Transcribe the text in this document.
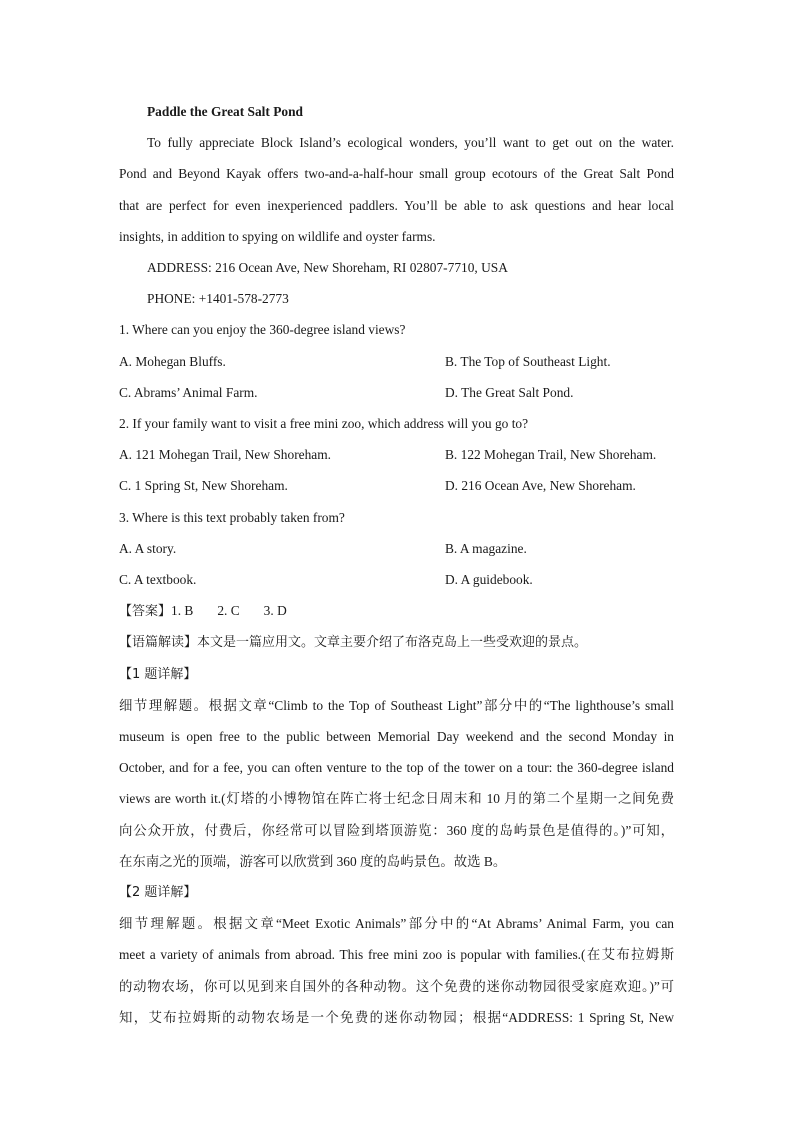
Paddle the Great Salt Pond
To fully appreciate Block Island’s ecological wonders, you’ll want to get out on the water.
Pond and Beyond Kayak offers two-and-a-half-hour small group ecotours of the Great Salt Pond
that are perfect for even inexperienced paddlers. You’ll be able to ask questions and hear local
insights, in addition to spying on wildlife and oyster farms.
ADDRESS: 216 Ocean Ave, New Shoreham, RI 02807-7710, USA
PHONE: +1401-578-2773
1. Where can you enjoy the 360-degree island views?
A. Mohegan Bluffs.	B. The Top of Southeast Light.
C. Abrams’ Animal Farm.	D. The Great Salt Pond.
2. If your family want to visit a free mini zoo, which address will you go to?
A. 121 Mohegan Trail, New Shoreham.	B. 122 Mohegan Trail, New Shoreham.
C. 1 Spring St, New Shoreham.	D. 216 Ocean Ave, New Shoreham.
3. Where is this text probably taken from?
A. A story.	B. A magazine.
C. A textbook.	D. A guidebook.
【答案】1. B 2. C 3. D
【语篇解读】本文是一篇应用文。文章主要介绍了布洛克岛上一些受欢迎的景点。
【1 题详解】
细节理解题。根据文章“Climb to the Top of Southeast Light”部分中的“The lighthouse’s small
museum is open free to the public between Memorial Day weekend and the second Monday in
October, and for a fee, you can often venture to the top of the tower on a tour: the 360-degree island
views are worth it.(灯塔的小博物馆在阵亡将士纪念日周末和 10 月的第二个星期一之间免费
向公众开放，付费后，你经常可以冒险到塔顶游览：360 度的岛屿景色是值得的。)”可知，
在东南之光的顶端，游客可以欣赏到 360 度的岛屿景色。故选 B。
【2 题详解】
细节理解题。根据文章“Meet Exotic Animals”部分中的“At Abrams’ Animal Farm, you can
meet a variety of animals from abroad. This free mini zoo is popular with families.(在艾布拉姆斯
的动物农场，你可以见到来自国外的各种动物。这个免费的迷你动物园很受家庭欢迎。)”可
知，艾布拉姆斯的动物农场是一个免费的迷你动物园；根据“ADDRESS: 1 Spring St, New
